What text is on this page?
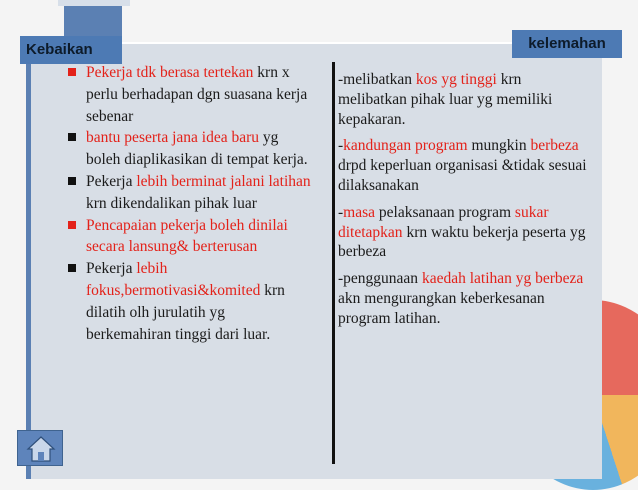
Kebaikan	kelemahan
Pekerja tdk berasa tertekan krn x perlu berhadapan dgn suasana kerja sebenar
bantu peserta jana idea baru yg boleh diaplikasikan di tempat kerja.
Pekerja lebih berminat jalani latihan krn dikendalikan pihak luar
Pencapaian pekerja boleh dinilai secara lansung& berterusan
Pekerja lebih fokus,bermotivasi&komited krn dilatih olh jurulatih yg berkemahiran tinggi dari luar.

-melibatkan kos yg tinggi krn melibatkan pihak luar yg memiliki kepakaran.

-kandungan program mungkin berbeza drpd keperluan organisasi &tidak sesuai dilaksanakan

-masa pelaksanaan program sukar ditetapkan krn waktu bekerja peserta yg berbeza

-penggunaan kaedah latihan yg berbeza akn mengurangkan keberkesanan program latihan.
